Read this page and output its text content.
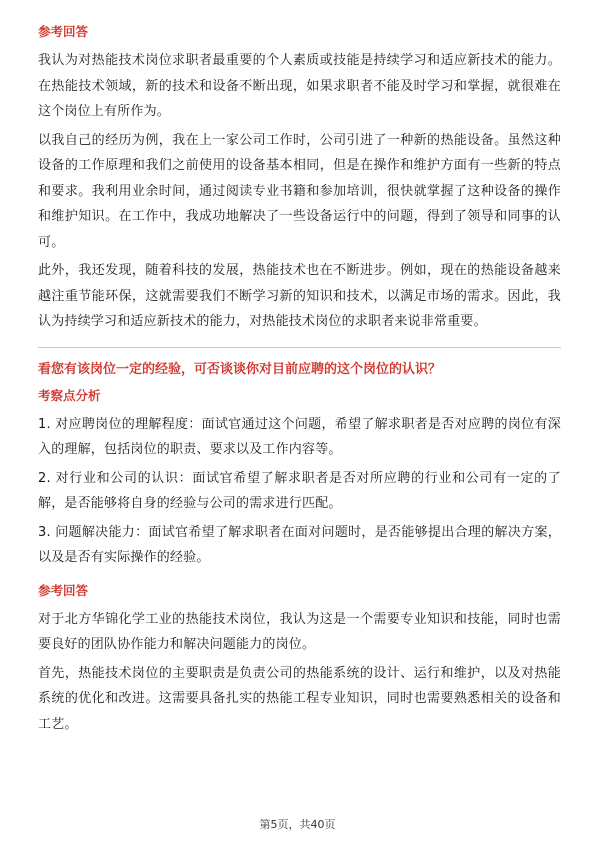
参考回答

我认为对热能技术岗位求职者最重要的个人素质或技能是持续学习和适应新技术的能力。在热能技术领域，新的技术和设备不断出现，如果求职者不能及时学习和掌握，就很难在这个岗位上有所作为。

以我自己的经历为例，我在上一家公司工作时，公司引进了一种新的热能设备。虽然这种设备的工作原理和我们之前使用的设备基本相同，但是在操作和维护方面有一些新的特点和要求。我利用业余时间，通过阅读专业书籍和参加培训，很快就掌握了这种设备的操作和维护知识。在工作中，我成功地解决了一些设备运行中的问题，得到了领导和同事的认可。

此外，我还发现，随着科技的发展，热能技术也在不断进步。例如，现在的热能设备越来越注重节能环保，这就需要我们不断学习新的知识和技术，以满足市场的需求。因此，我认为持续学习和适应新技术的能力，对热能技术岗位的求职者来说非常重要。

看您有该岗位一定的经验，可否谈谈你对目前应聘的这个岗位的认识？
考察点分析

1. 对应聘岗位的理解程度：面试官通过这个问题，希望了解求职者是否对应聘的岗位有深入的理解，包括岗位的职责、要求以及工作内容等。

2. 对行业和公司的认识：面试官希望了解求职者是否对所应聘的行业和公司有一定的了解，是否能够将自身的经验与公司的需求进行匹配。

3. 问题解决能力：面试官希望了解求职者在面对问题时，是否能够提出合理的解决方案，以及是否有实际操作的经验。

参考回答

对于北方华锦化学工业的热能技术岗位，我认为这是一个需要专业知识和技能，同时也需要良好的团队协作能力和解决问题能力的岗位。

首先，热能技术岗位的主要职责是负责公司的热能系统的设计、运行和维护，以及对热能系统的优化和改进。这需要具备扎实的热能工程专业知识，同时也需要熟悉相关的设备和工艺。

第5页，共40页
